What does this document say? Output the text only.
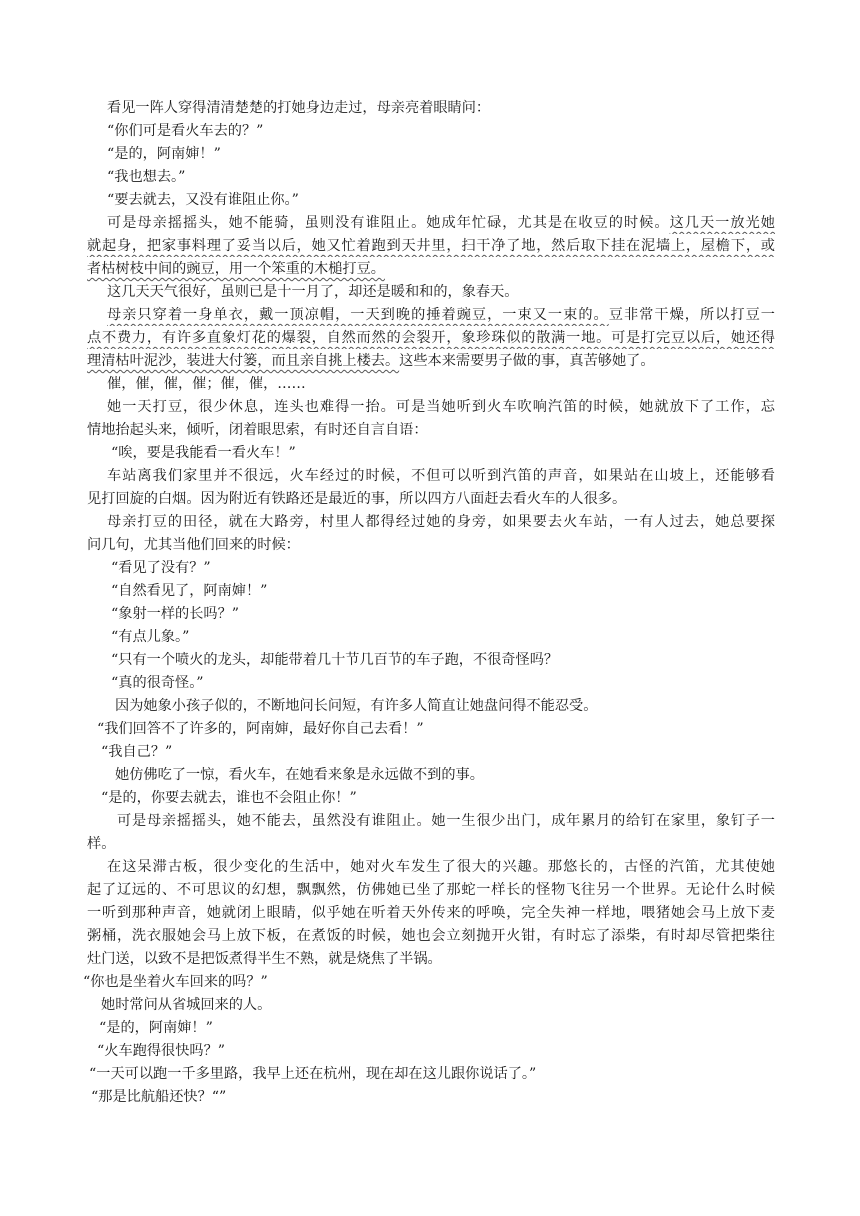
看见一阵人穿得清清楚楚的打她身边走过，母亲亮着眼睛问：
“你们可是看火车去的？”
“是的，阿南婶！”
“我也想去。”
“要去就去，又没有谁阻止你。”
可是母亲摇摇头，她不能骑，虽则没有谁阻止。她成年忙碌，尤其是在收豆的时候。这几天一放光她
就起身，把家事料理了妥当以后，她又忙着跑到天井里，扫干净了地，然后取下挂在泥墙上，屋檐下，或
者枯树枝中间的豌豆，用一个笨重的木槌打豆。
这几天天气很好，虽则已是十一月了，却还是暖和和的，象春天。
母亲只穿着一身单衣，戴一顶凉帽，一天到晚的捶着豌豆，一束又一束的。豆非常干燥，所以打豆一
点不费力，有许多直象灯花的爆裂，自然而然的会裂开，象珍珠似的散满一地。可是打完豆以后，她还得
理清枯叶泥沙，装进大付篓，而且亲自挑上楼去。这些本来需要男子做的事，真苦够她了。
催，催，催，催；催，催，……
她一天打豆，很少休息，连头也难得一抬。可是当她听到火车吹响汽笛的时候，她就放下了工作，忘
情地抬起头来，倾听，闭着眼思索，有时还自言自语：
“唉，要是我能看一看火车！”
车站离我们家里并不很远，火车经过的时候，不但可以听到汽笛的声音，如果站在山坡上，还能够看
见打回旋的白烟。因为附近有铁路还是最近的事，所以四方八面赶去看火车的人很多。
母亲打豆的田径，就在大路旁，村里人都得经过她的身旁，如果要去火车站，一有人过去，她总要探
问几句，尤其当他们回来的时候：
“看见了没有？”
“自然看见了，阿南婶！”
“象射一样的长吗？”
“有点儿象。”
“只有一个喷火的龙头，却能带着几十节几百节的车子跑，不很奇怪吗？
“真的很奇怪。”
因为她象小孩子似的，不断地问长问短，有许多人简直让她盘问得不能忍受。
“我们回答不了许多的，阿南婶，最好你自己去看！”
“我自己？”
她仿佛吃了一惊，看火车，在她看来象是永远做不到的事。
“是的，你要去就去，谁也不会阻止你！”
可是母亲摇摇头，她不能去，虽然没有谁阻止。她一生很少出门，成年累月的给钉在家里，象钉子一
样。
在这呆滞古板，很少变化的生活中，她对火车发生了很大的兴趣。那悠长的，古怪的汽笛，尤其使她
起了辽远的、不可思议的幻想，飘飘然，仿佛她已坐了那蛇一样长的怪物飞往另一个世界。无论什么时候
一听到那种声音，她就闭上眼睛，似乎她在听着天外传来的呼唤，完全失神一样地，喂猪她会马上放下麦
粥桶，洗衣服她会马上放下板，在煮饭的时候，她也会立刻抛开火钳，有时忘了添柴，有时却尽管把柴往
灶门送，以致不是把饭煮得半生不熟，就是烧焦了半锅。
“你也是坐着火车回来的吗？”
她时常问从省城回来的人。
“是的，阿南婶！”
“火车跑得很快吗？”
“一天可以跑一千多里路，我早上还在杭州，现在却在这儿跟你说话了。”
“那是比航船还快？“”
